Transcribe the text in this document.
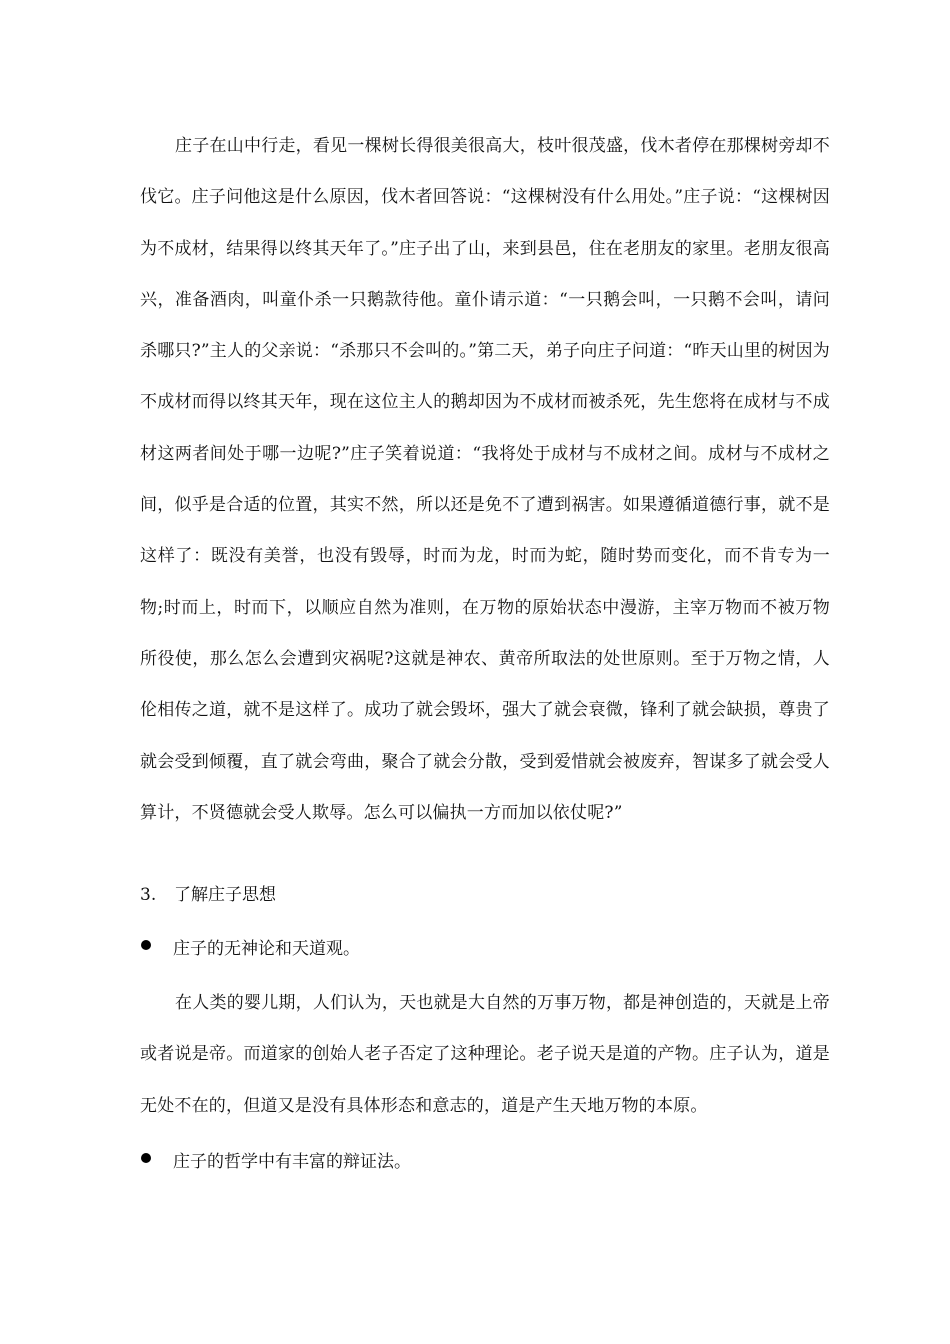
庄子在山中行走，看见一棵树长得很美很高大，枝叶很茂盛，伐木者停在那棵树旁却不伐它。庄子问他这是什么原因，伐木者回答说：“这棵树没有什么用处。”庄子说：“这棵树因为不成材，结果得以终其天年了。”庄子出了山，来到县邑，住在老朋友的家里。老朋友很高兴，准备酒肉，叫童仆杀一只鹅款待他。童仆请示道：“一只鹅会叫，一只鹅不会叫，请问杀哪只?”主人的父亲说：“杀那只不会叫的。”第二天，弟子向庄子问道：“昨天山里的树因为不成材而得以终其天年，现在这位主人的鹅却因为不成材而被杀死，先生您将在成材与不成材这两者间处于哪一边呢?”庄子笑着说道：“我将处于成材与不成材之间。成材与不成材之间，似乎是合适的位置，其实不然，所以还是免不了遭到祸害。如果遵循道德行事，就不是这样了：既没有美誉，也没有毁辱，时而为龙，时而为蛇，随时势而变化，而不肯专为一物;时而上，时而下，以顺应自然为准则，在万物的原始状态中漫游，主宰万物而不被万物所役使，那么怎么会遭到灾祸呢?这就是神农、黄帝所取法的处世原则。至于万物之情，人伦相传之道，就不是这样了。成功了就会毁坏，强大了就会衰微，锋利了就会缺损，尊贵了就会受到倾覆，直了就会弯曲，聚合了就会分散，受到爱惜就会被废弃，智谋多了就会受人算计，不贤德就会受人欺辱。怎么可以偏执一方而加以依仗呢?”

3. 了解庄子思想
庄子的无神论和天道观。

在人类的婴儿期，人们认为，天也就是大自然的万事万物，都是神创造的，天就是上帝或者说是帝。而道家的创始人老子否定了这种理论。老子说天是道的产物。庄子认为，道是无处不在的，但道又是没有具体形态和意志的，道是产生天地万物的本原。

庄子的哲学中有丰富的辩证法。
